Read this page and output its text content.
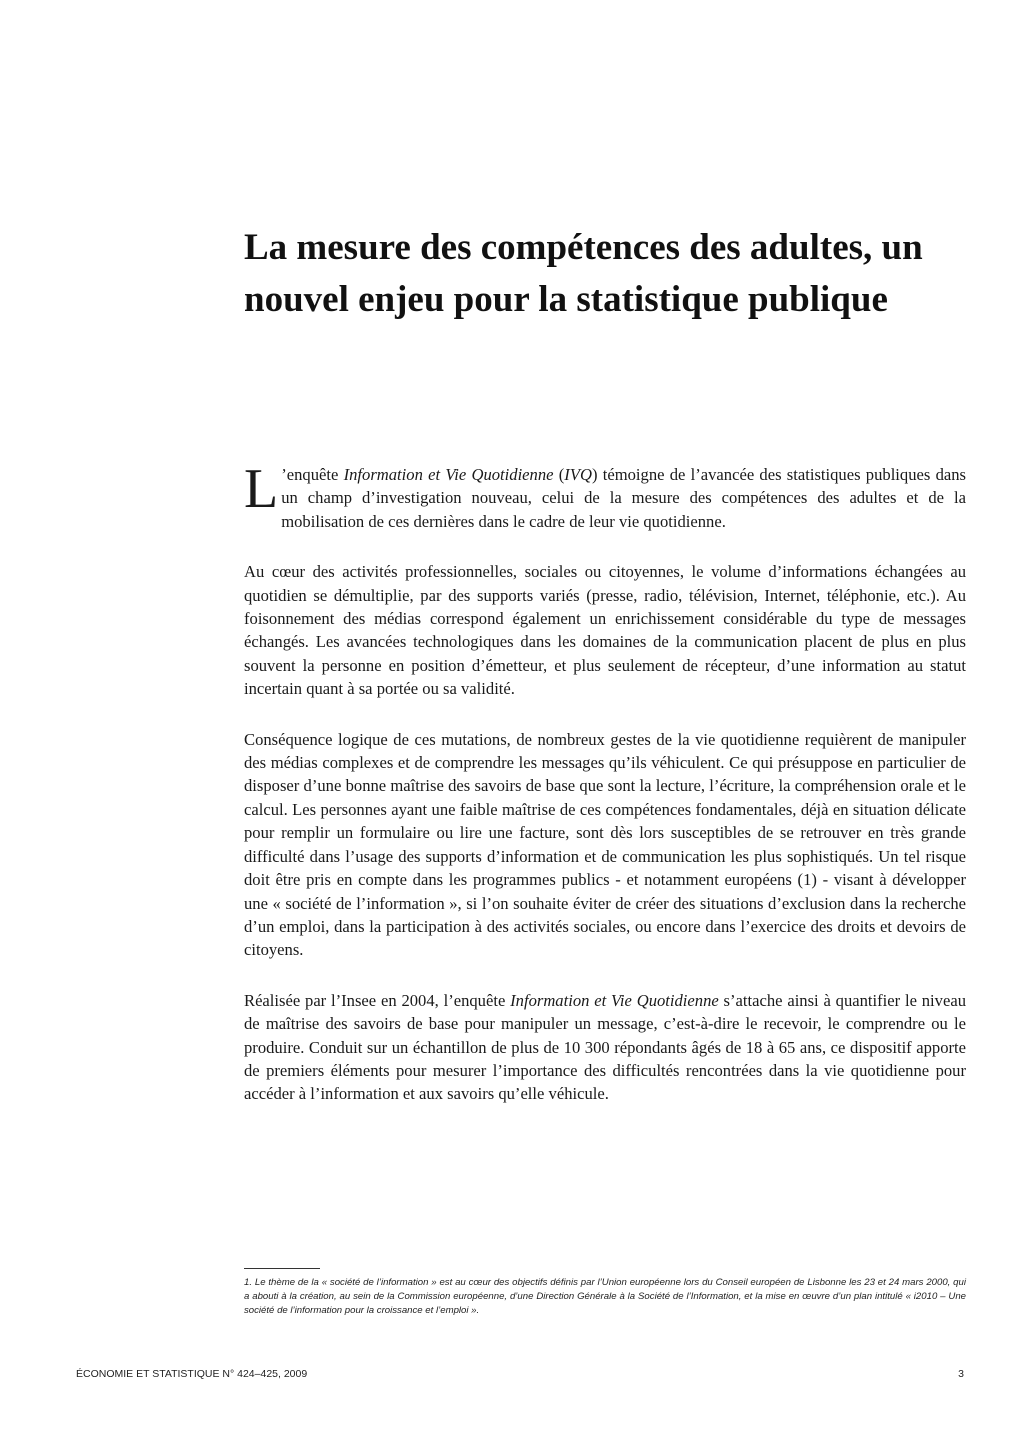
La mesure des compétences des adultes, un nouvel enjeu pour la statistique publique

L ’enquête Information et Vie Quotidienne (IVQ) témoigne de l’avancée des statistiques publiques dans un champ d’investigation nouveau, celui de la mesure des compétences des adultes et de la mobilisation de ces dernières dans le cadre de leur vie quotidienne.

Au cœur des activités professionnelles, sociales ou citoyennes, le volume d’informations échangées au quotidien se démultiplie, par des supports variés (presse, radio, télévision, Internet, téléphonie, etc.). Au foisonnement des médias correspond également un enrichissement considérable du type de messages échangés. Les avancées technologiques dans les domaines de la communication placent de plus en plus souvent la personne en position d’émetteur, et plus seulement de récepteur, d’une information au statut incertain quant à sa portée ou sa validité.

Conséquence logique de ces mutations, de nombreux gestes de la vie quotidienne requièrent de manipuler des médias complexes et de comprendre les messages qu’ils véhiculent. Ce qui présuppose en particulier de disposer d’une bonne maîtrise des savoirs de base que sont la lecture, l’écriture, la compréhension orale et le calcul. Les personnes ayant une faible maîtrise de ces compétences fondamentales, déjà en situation délicate pour remplir un formulaire ou lire une facture, sont dès lors susceptibles de se retrouver en très grande difficulté dans l’usage des supports d’information et de communication les plus sophistiqués. Un tel risque doit être pris en compte dans les programmes publics - et notamment européens (1) - visant à développer une « société de l’information », si l’on souhaite éviter de créer des situations d’exclusion dans la recherche d’un emploi, dans la participation à des activités sociales, ou encore dans l’exercice des droits et devoirs de citoyens.

Réalisée par l’Insee en 2004, l’enquête Information et Vie Quotidienne s’attache ainsi à quantifier le niveau de maîtrise des savoirs de base pour manipuler un message, c’est-à-dire le recevoir, le comprendre ou le produire. Conduit sur un échantillon de plus de 10 300 répondants âgés de 18 à 65 ans, ce dispositif apporte de premiers éléments pour mesurer l’importance des difficultés rencontrées dans la vie quotidienne pour accéder à l’information et aux savoirs qu’elle véhicule.

1. Le thème de la « société de l’information » est au cœur des objectifs définis par l’Union européenne lors du Conseil européen de Lisbonne les 23 et 24 mars 2000, qui a abouti à la création, au sein de la Commission européenne, d’une Direction Générale à la Société de l’Information, et la mise en œuvre d’un plan intitulé « i2010 – Une société de l’information pour la croissance et l’emploi ».

ÉCONOMIE ET STATISTIQUE N° 424–425, 2009	3
